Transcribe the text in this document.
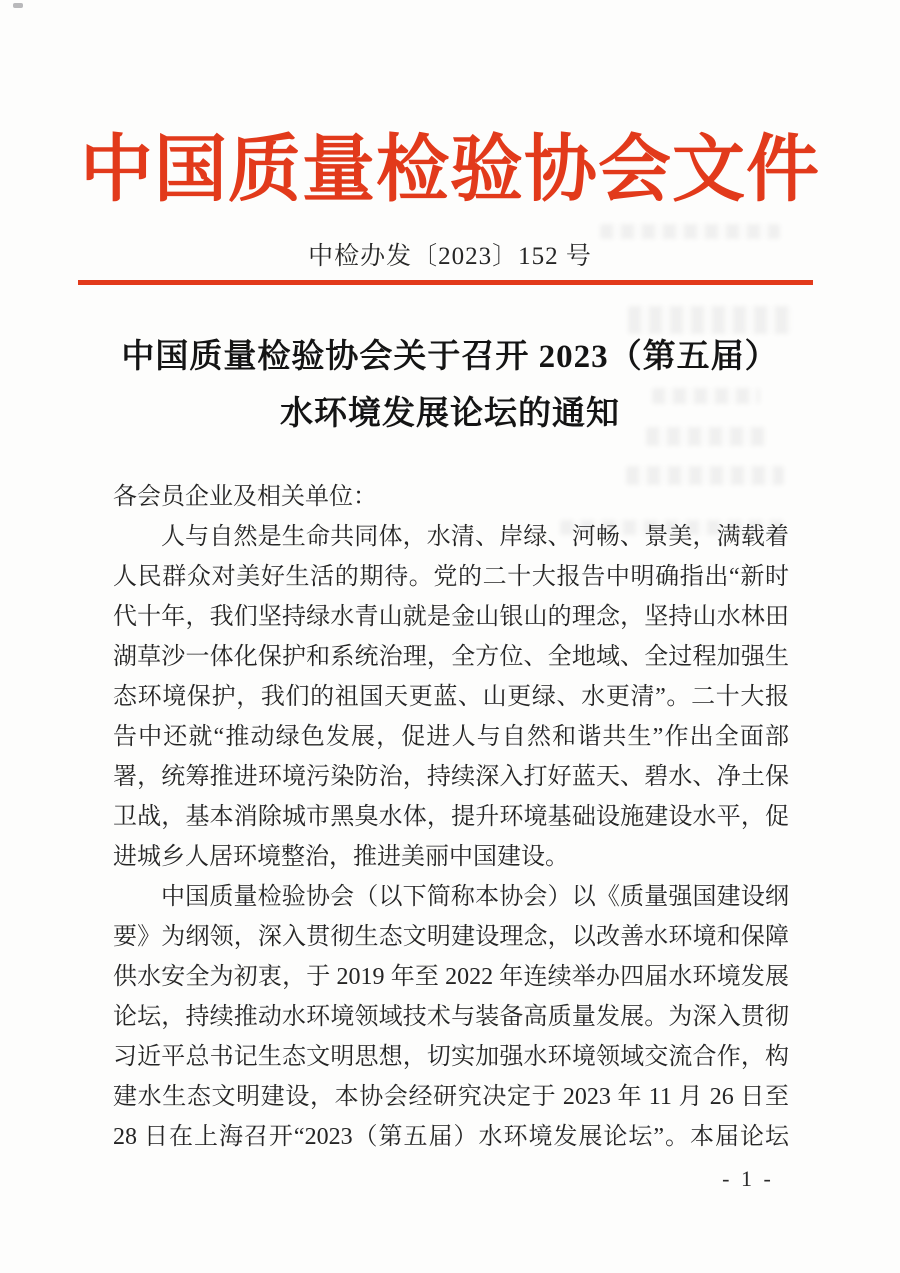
中国质量检验协会文件
中检办发〔2023〕152 号
中国质量检验协会关于召开 2023（第五届）
水环境发展论坛的通知
各会员企业及相关单位：
人与自然是生命共同体，水清、岸绿、河畅、景美，满载着
人民群众对美好生活的期待。党的二十大报告中明确指出“新时
代十年，我们坚持绿水青山就是金山银山的理念，坚持山水林田
湖草沙一体化保护和系统治理，全方位、全地域、全过程加强生
态环境保护，我们的祖国天更蓝、山更绿、水更清”。二十大报
告中还就“推动绿色发展，促进人与自然和谐共生”作出全面部
署，统筹推进环境污染防治，持续深入打好蓝天、碧水、净土保
卫战，基本消除城市黑臭水体，提升环境基础设施建设水平，促
进城乡人居环境整治，推进美丽中国建设。
中国质量检验协会（以下简称本协会）以《质量强国建设纲
要》为纲领，深入贯彻生态文明建设理念，以改善水环境和保障
供水安全为初衷，于 2019 年至 2022 年连续举办四届水环境发展
论坛，持续推动水环境领域技术与装备高质量发展。为深入贯彻
习近平总书记生态文明思想，切实加强水环境领域交流合作，构
建水生态文明建设，本协会经研究决定于 2023 年 11 月 26 日至
28 日在上海召开“2023（第五届）水环境发展论坛”。本届论坛
- 1 -
